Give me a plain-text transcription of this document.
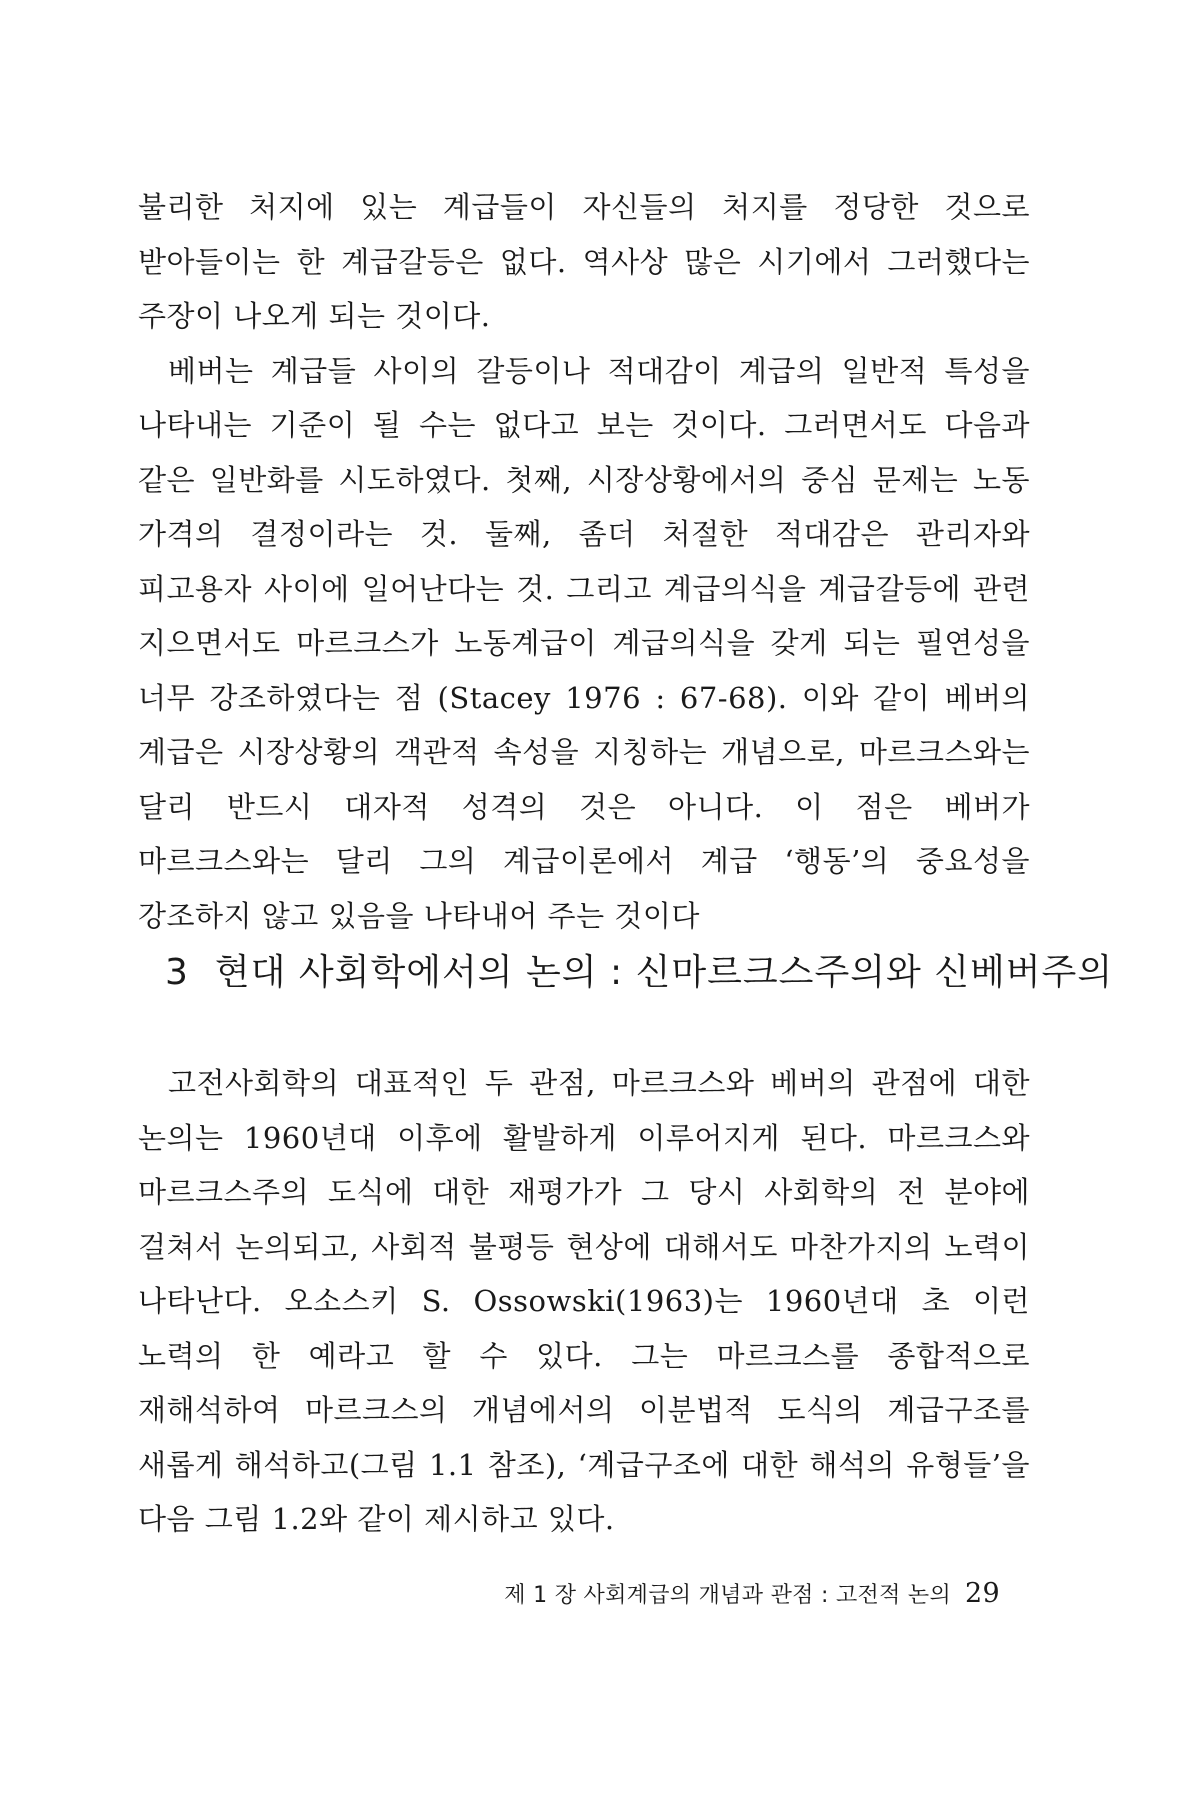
불리한 처지에 있는 계급들이 자신들의 처지를 정당한 것으로 받아들이는 한 계급갈등은 없다. 역사상 많은 시기에서 그러했다는 주장이 나오게 되는 것이다.

베버는 계급들 사이의 갈등이나 적대감이 계급의 일반적 특성을 나타내는 기준이 될 수는 없다고 보는 것이다. 그러면서도 다음과 같은 일반화를 시도하였다. 첫째, 시장상황에서의 중심 문제는 노동 가격의 결정이라는 것. 둘째, 좀더 처절한 적대감은 관리자와 피고용자 사이에 일어난다는 것. 그리고 계급의식을 계급갈등에 관련 지으면서도 마르크스가 노동계급이 계급의식을 갖게 되는 필연성을 너무 강조하였다는 점 (Stacey 1976 : 67-68). 이와 같이 베버의 계급은 시장상황의 객관적 속성을 지칭하는 개념으로, 마르크스와는 달리 반드시 대자적 성격의 것은 아니다. 이 점은 베버가 마르크스와는 달리 그의 계급이론에서 계급 ‘행동’의 중요성을 강조하지 않고 있음을 나타내어 주는 것이다

3 현대 사회학에서의 논의 : 신마르크스주의와 신베버주의

고전사회학의 대표적인 두 관점, 마르크스와 베버의 관점에 대한 논의는 1960년대 이후에 활발하게 이루어지게 된다. 마르크스와 마르크스주의 도식에 대한 재평가가 그 당시 사회학의 전 분야에 걸쳐서 논의되고, 사회적 불평등 현상에 대해서도 마찬가지의 노력이 나타난다. 오소스키 S. Ossowski(1963)는 1960년대 초 이런 노력의 한 예라고 할 수 있다. 그는 마르크스를 종합적으로 재해석하여 마르크스의 개념에서의 이분법적 도식의 계급구조를 새롭게 해석하고(그림 1.1 참조), ‘계급구조에 대한 해석의 유형들’을 다음 그림 1.2와 같이 제시하고 있다.

제 1 장 사회계급의 개념과 관점 : 고전적 논의 29
